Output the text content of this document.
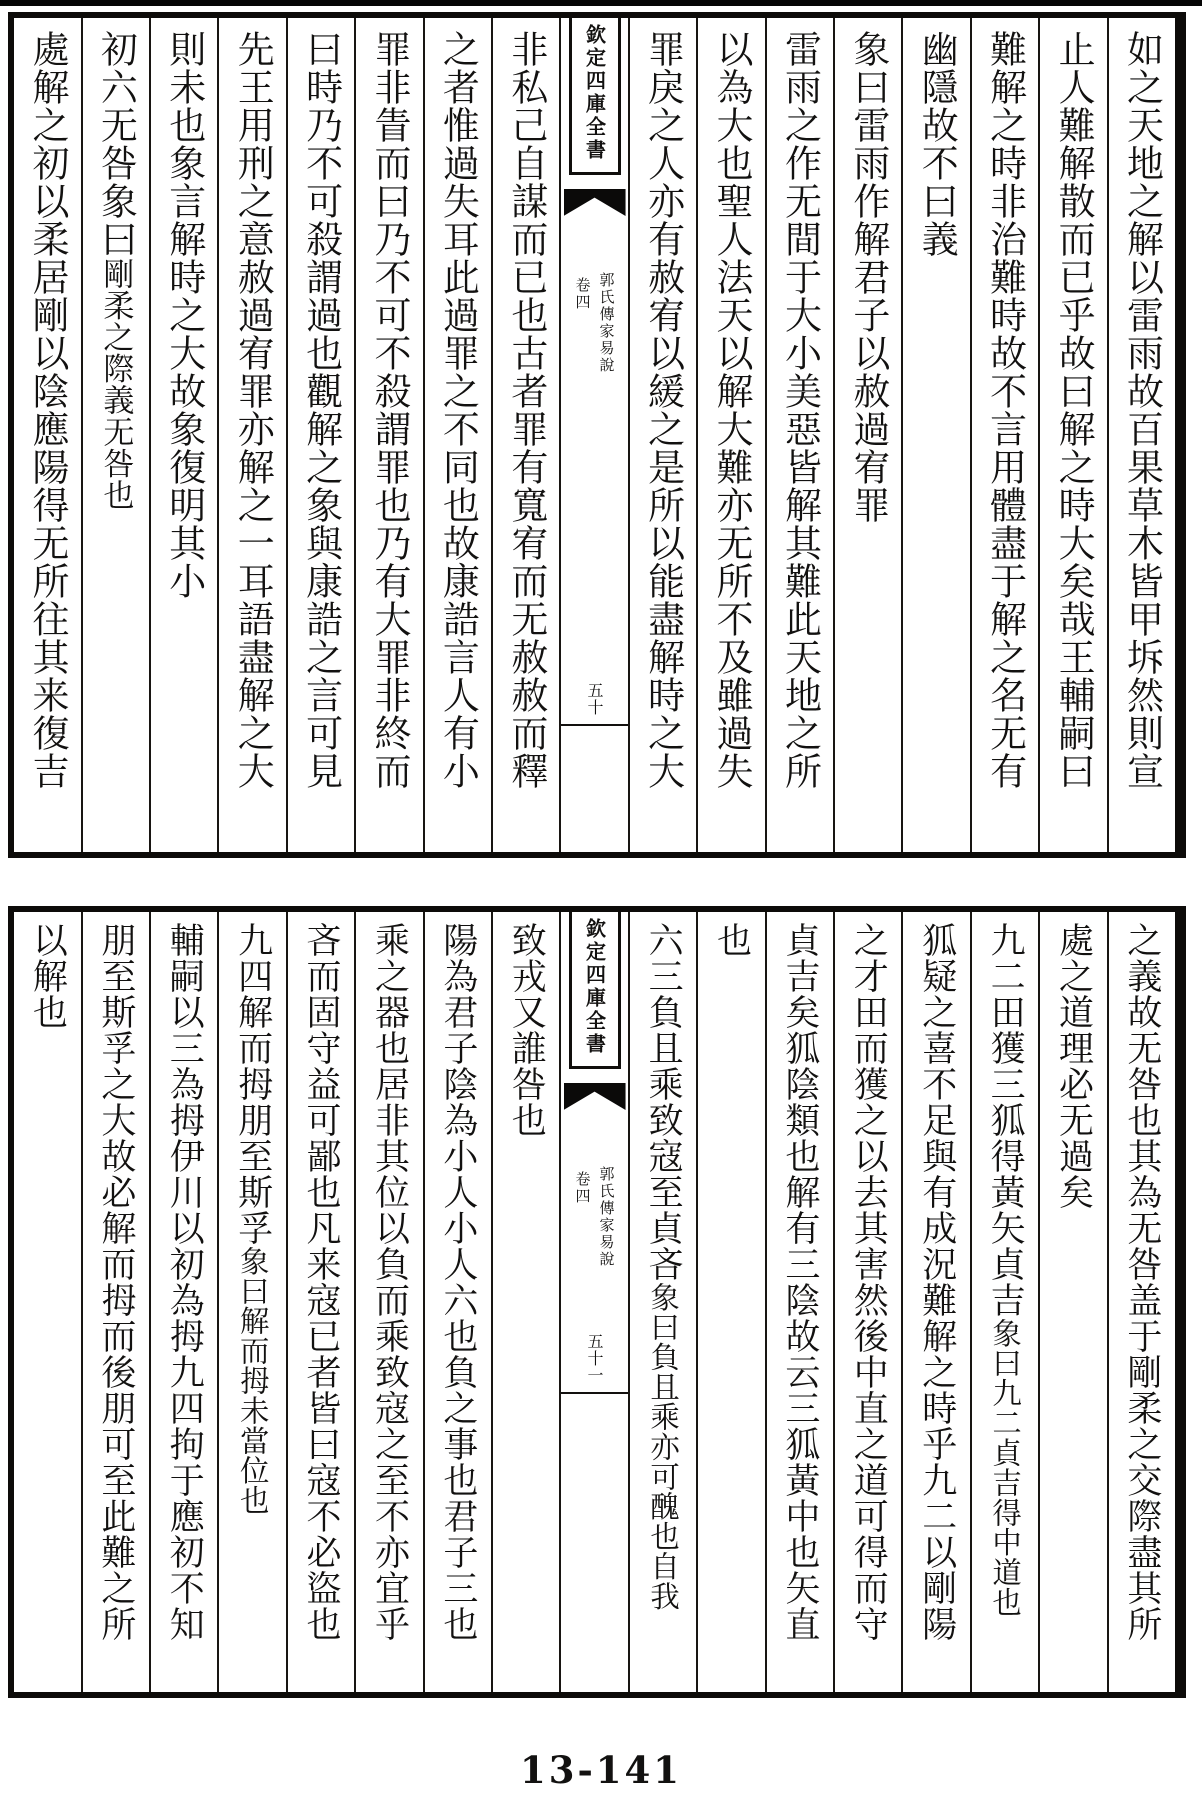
如之天地之解以雷雨故百果草木皆甲坼然則宣
止人難解散而已乎故曰解之時大矣哉王輔嗣曰
難解之時非治難時故不言用體盡于解之名无有
幽隱故不曰義
象曰雷雨作解君子以赦過宥罪
雷雨之作无間于大小美惡皆解其難此天地之所
以為大也聖人法天以解大難亦无所不及雖過失
罪戾之人亦有赦宥以緩之是所以能盡解時之大
欽定四庫全書
卷四 郭氏傳家易說
五十
非私己自謀而已也古者罪有寬宥而无赦赦而釋
之者惟過失耳此過罪之不同也故康誥言人有小
罪非眚而曰乃不可不殺謂罪也乃有大罪非終而
曰時乃不可殺謂過也觀解之象與康誥之言可見
先王用刑之意赦過宥罪亦解之一耳語盡解之大
則未也象言解時之大故象復明其小
初六无咎象曰剛柔之際義无咎也
處解之初以柔居剛以陰應陽得无所往其来復吉
之義故无咎也其為无咎盖于剛柔之交際盡其所
處之道理必无過矣
九二田獲三狐得黃矢貞吉象曰九二貞吉得中道也
狐疑之喜不足與有成況難解之時乎九二以剛陽
之才田而獲之以去其害然後中直之道可得而守
貞吉矣狐陰類也解有三陰故云三狐黃中也矢直
也
六三負且乘致寇至貞吝象曰負且乘亦可醜也自我
欽定四庫全書
卷四 郭氏傳家易說
五十一
致戎又誰咎也
陽為君子陰為小人小人六也負之事也君子三也
乘之器也居非其位以負而乘致寇之至不亦宜乎
吝而固守益可鄙也凡来寇已者皆曰寇不必盜也
九四解而拇朋至斯孚象曰解而拇未當位也
輔嗣以三為拇伊川以初為拇九四拘于應初不知
朋至斯孚之大故必解而拇而後朋可至此難之所
以解也
13-141
